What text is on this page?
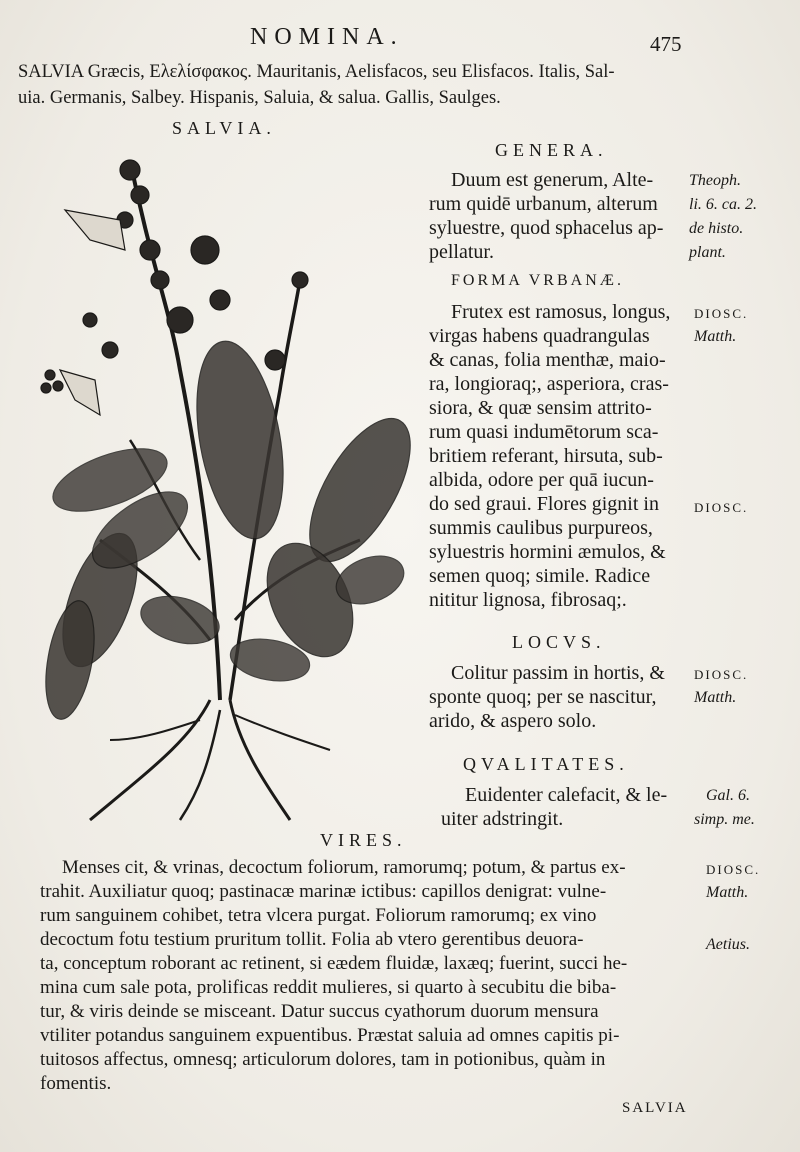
NOMINA.	475
SALVIA Græcis, Ελελίσφακος. Mauritanis, Aelisfacos, seu Elisfacos. Italis, Sal-
uia. Germanis, Salbey. Hispanis, Saluia, & salua. Gallis, Saulges.
SALVIA.
GENERA.
Duum est generum, Alte-
rum quidē urbanum, alterum
syluestre, quod sphacelus ap-
pellatur.
Theoph.
li. 6. ca. 2.
de histo.
plant.
FORMA VRBANÆ.
Frutex est ramosus, longus,
virgas habens quadrangulas
& canas, folia menthæ, maio-
ra, longioraq;, asperiora, cras-
siora, & quæ sensim attrito-
rum quasi indumētorum sca-
britiem referant, hirsuta, sub-
albida, odore per quā iucun-
do sed graui. Flores gignit in
summis caulibus purpureos,
syluestris hormini æmulos, &
semen quoq; simile. Radice
nititur lignosa, fibrosaq;.
DIOSC.
Matth.
DIOSC.
LOCVS.
Colitur passim in hortis, &
sponte quoq; per se nascitur,
arido, & aspero solo.
DIOSC.
Matth.
QVALITATES.
Euidenter calefacit, & le-
uiter adstringit.
Gal. 6.
simp. me.
VIRES.
Menses cit, & vrinas, decoctum foliorum, ramorumq; potum, & partus ex-
trahit. Auxiliatur quoq; pastinacæ marinæ ictibus: capillos denigrat: vulne-
rum sanguinem cohibet, tetra vlcera purgat. Foliorum ramorumq; ex vino
decoctum fotu testium pruritum tollit. Folia ab vtero gerentibus deuora-
ta, conceptum roborant ac retinent, si eædem fluidæ, laxæq; fuerint, succi he-
mina cum sale pota, prolificas reddit mulieres, si quarto à secubitu die biba-
tur, & viris deinde se misceant. Datur succus cyathorum duorum mensura
vtiliter potandus sanguinem expuentibus. Præstat saluia ad omnes capitis pi-
tuitosos affectus, omnesq; articulorum dolores, tam in potionibus, quàm in
fomentis.
DIOSC.
Matth.
Aetius.
SALVIA
